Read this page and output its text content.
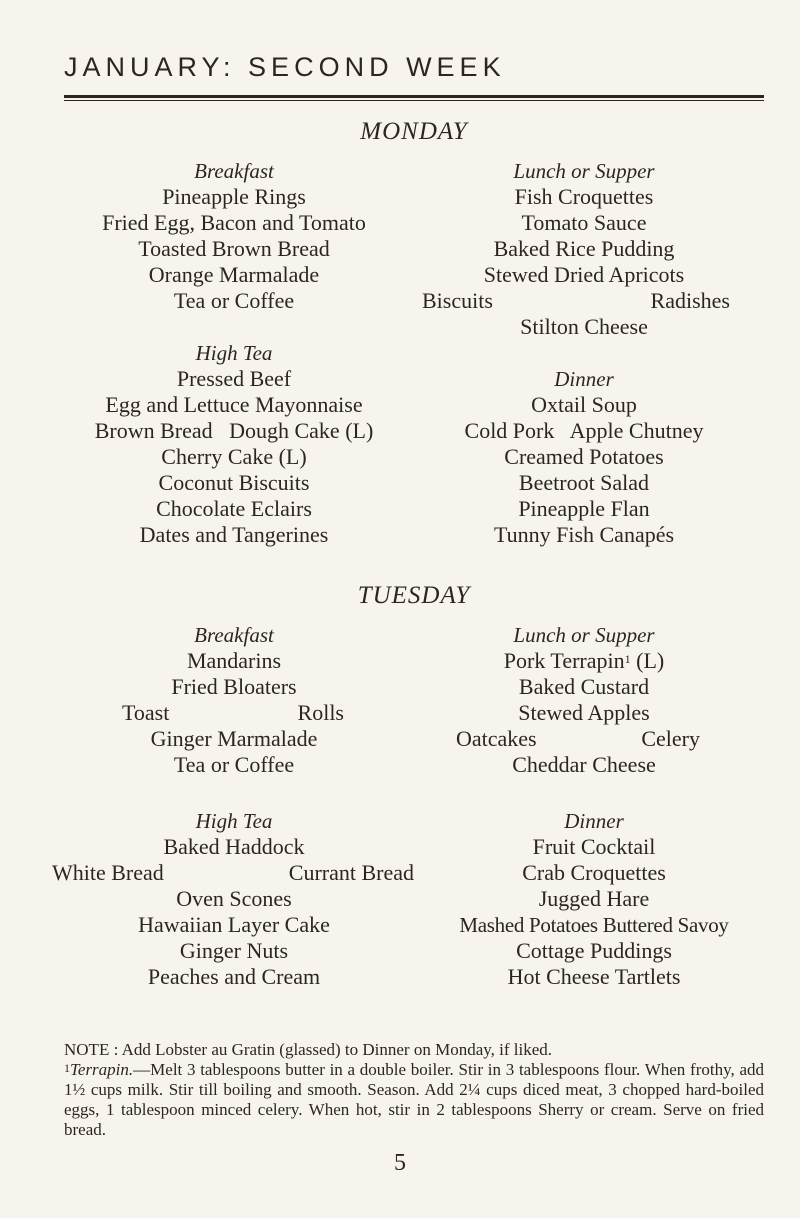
JANUARY: SECOND WEEK
MONDAY
Breakfast
Pineapple Rings
Fried Egg, Bacon and Tomato
Toasted Brown Bread
Orange Marmalade
Tea or Coffee
Lunch or Supper
Fish Croquettes
Tomato Sauce
Baked Rice Pudding
Stewed Dried Apricots
Biscuits	Radishes
Stilton Cheese
High Tea
Pressed Beef
Egg and Lettuce Mayonnaise
Brown Bread   Dough Cake (L)
Cherry Cake (L)
Coconut Biscuits
Chocolate Eclairs
Dates and Tangerines
Dinner
Oxtail Soup
Cold Pork   Apple Chutney
Creamed Potatoes
Beetroot Salad
Pineapple Flan
Tunny Fish Canapés
TUESDAY
Breakfast
Mandarins
Fried Bloaters
Toast	Rolls
Ginger Marmalade
Tea or Coffee
Lunch or Supper
Pork Terrapin$^1$ (L)
Baked Custard
Stewed Apples
Oatcakes	Celery
Cheddar Cheese
High Tea
Baked Haddock
White Bread	Currant Bread
Oven Scones
Hawaiian Layer Cake
Ginger Nuts
Peaches and Cream
Dinner
Fruit Cocktail
Crab Croquettes
Jugged Hare
Mashed Potatoes Buttered Savoy
Cottage Puddings
Hot Cheese Tartlets
NOTE : Add Lobster au Gratin (glassed) to Dinner on Monday, if liked.
$^1$Terrapin.—Melt 3 tablespoons butter in a double boiler. Stir in 3 tablespoons flour. When frothy, add 1½ cups milk. Stir till boiling and smooth. Season. Add 2¼ cups diced meat, 3 chopped hard-boiled eggs, 1 tablespoon minced celery. When hot, stir in 2 tablespoons Sherry or cream. Serve on fried bread.
5
